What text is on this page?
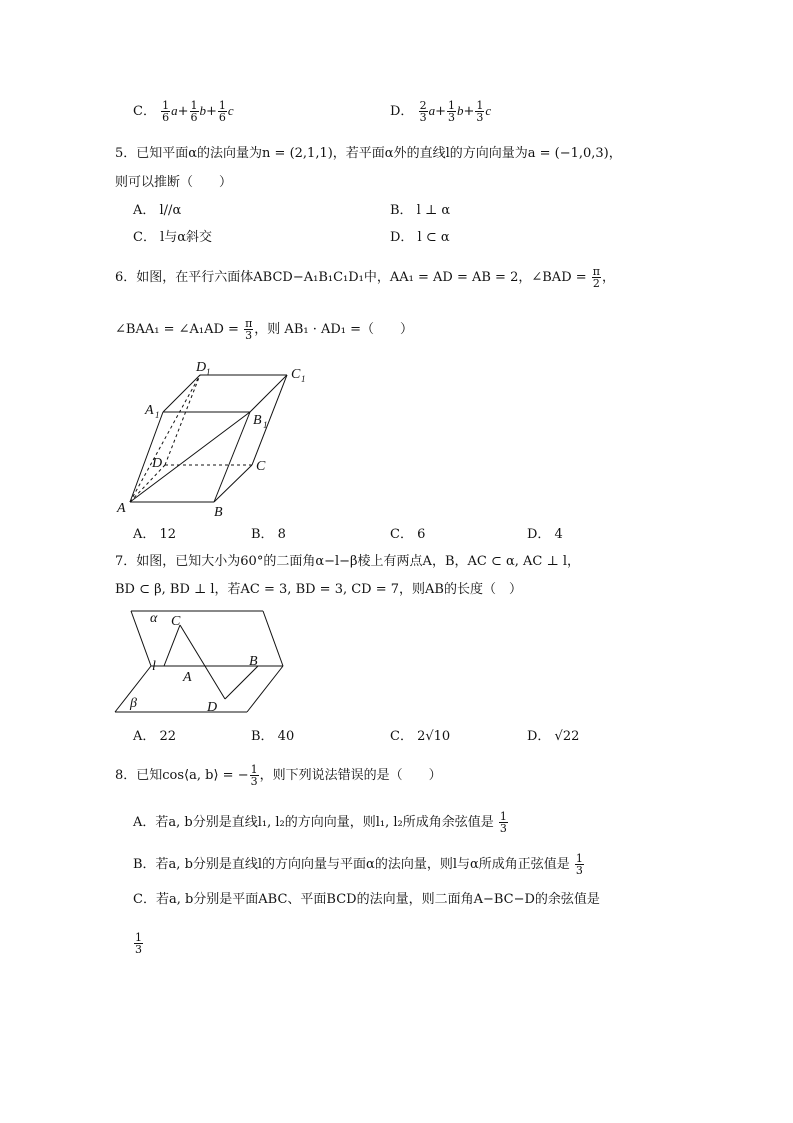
C． $\frac{1}{6} a+ \frac{1}{6} b+ \frac{1}{6}$ c	D． $\frac{2}{3} a+ \frac{1}{3} b+ \frac{1}{3}$ c
5．已知平面α的法向量为n = (2,1,1)，若平面α外的直线l的方向向量为a = (−1,0,3)，
则可以推断（　　）
A． l//α	B． l ⊥ α
C． l与α斜交	D． l ⊂ α
6．如图，在平行六面体ABCD−A₁B₁C₁D₁中，AA₁ = AD = AB = 2，∠BAD = $\frac{\pi}{2}$ ，
∠BAA₁ = ∠A₁AD = $\frac{\pi}{3}$ ，则 AB₁ · AD₁ =（　　）
A	B
C
D
A 1	B 1
C 1
D 1
A． 12	B． 8	C． 6	D． 4
7．如图，已知大小为60°的二面角α−l−β棱上有两点A，B，AC ⊂ α, AC ⊥ l，
BD ⊂ β, BD ⊥ l，若AC = 3, BD = 3, CD = 7，则AB的长度（　）
α C
l	B
A
β	D
A． 22	B． 40	C． 2√10	D． √22
8．已知cos⟨a, b⟩ = − $\frac{1}{3}$ ，则下列说法错误的是（　　）
A．若a, b分别是直线l₁, l₂的方向向量，则l₁, l₂所成角余弦值是 $\frac{1}{3}$
B．若a, b分别是直线l的方向向量与平面α的法向量，则l与α所成角正弦值是 $\frac{1}{3}$
C．若a, b分别是平面ABC、平面BCD的法向量，则二面角A−BC−D的余弦值是
$\frac{1}{3}$
